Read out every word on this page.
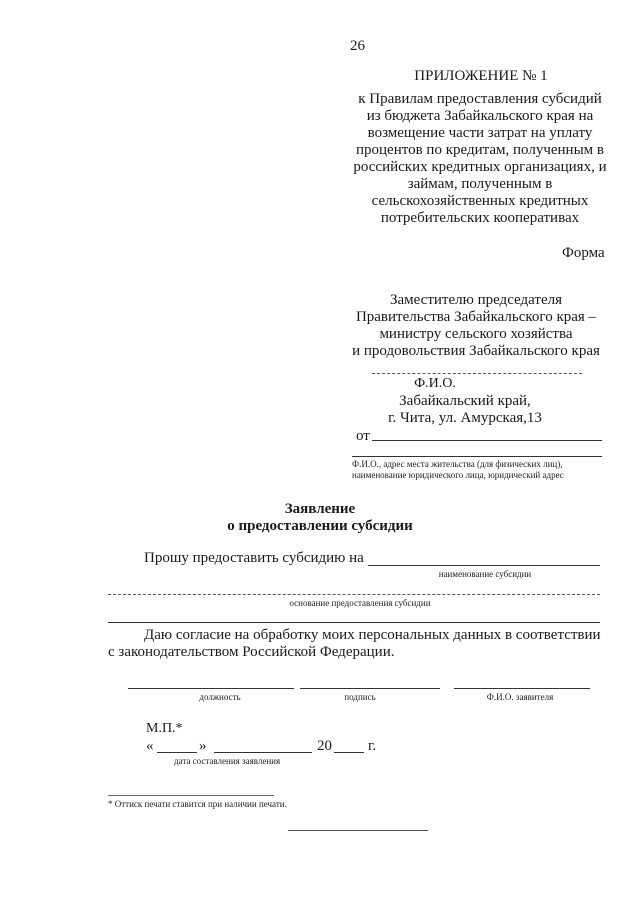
26
ПРИЛОЖЕНИЕ № 1
к Правилам предоставления субсидий
из бюджета Забайкальского края на
возмещение части затрат на уплату
процентов по кредитам, полученным в
российских кредитных организациях, и
займам, полученным в
сельскохозяйственных кредитных
потребительских кооперативах
Форма
Заместителю председателя
Правительства Забайкальского края –
министру сельского хозяйства
и продовольствия Забайкальского края
Ф.И.О.
Забайкальский край,
г. Чита, ул. Амурская,13
от
Ф.И.О., адрес места жительства (для физических лиц),
наименование юридического лица, юридический адрес
Заявление
о предоставлении субсидии
Прошу предоставить субсидию на
наименование субсидии
основание предоставления субсидии
Даю согласие на обработку моих персональных данных в соответствии
с законодательством Российской Федерации.
должность	подпись	Ф.И.О. заявителя
М.П.*
«	»	20 г.
дата составления заявления
* Оттиск печати ставится при наличии печати.
